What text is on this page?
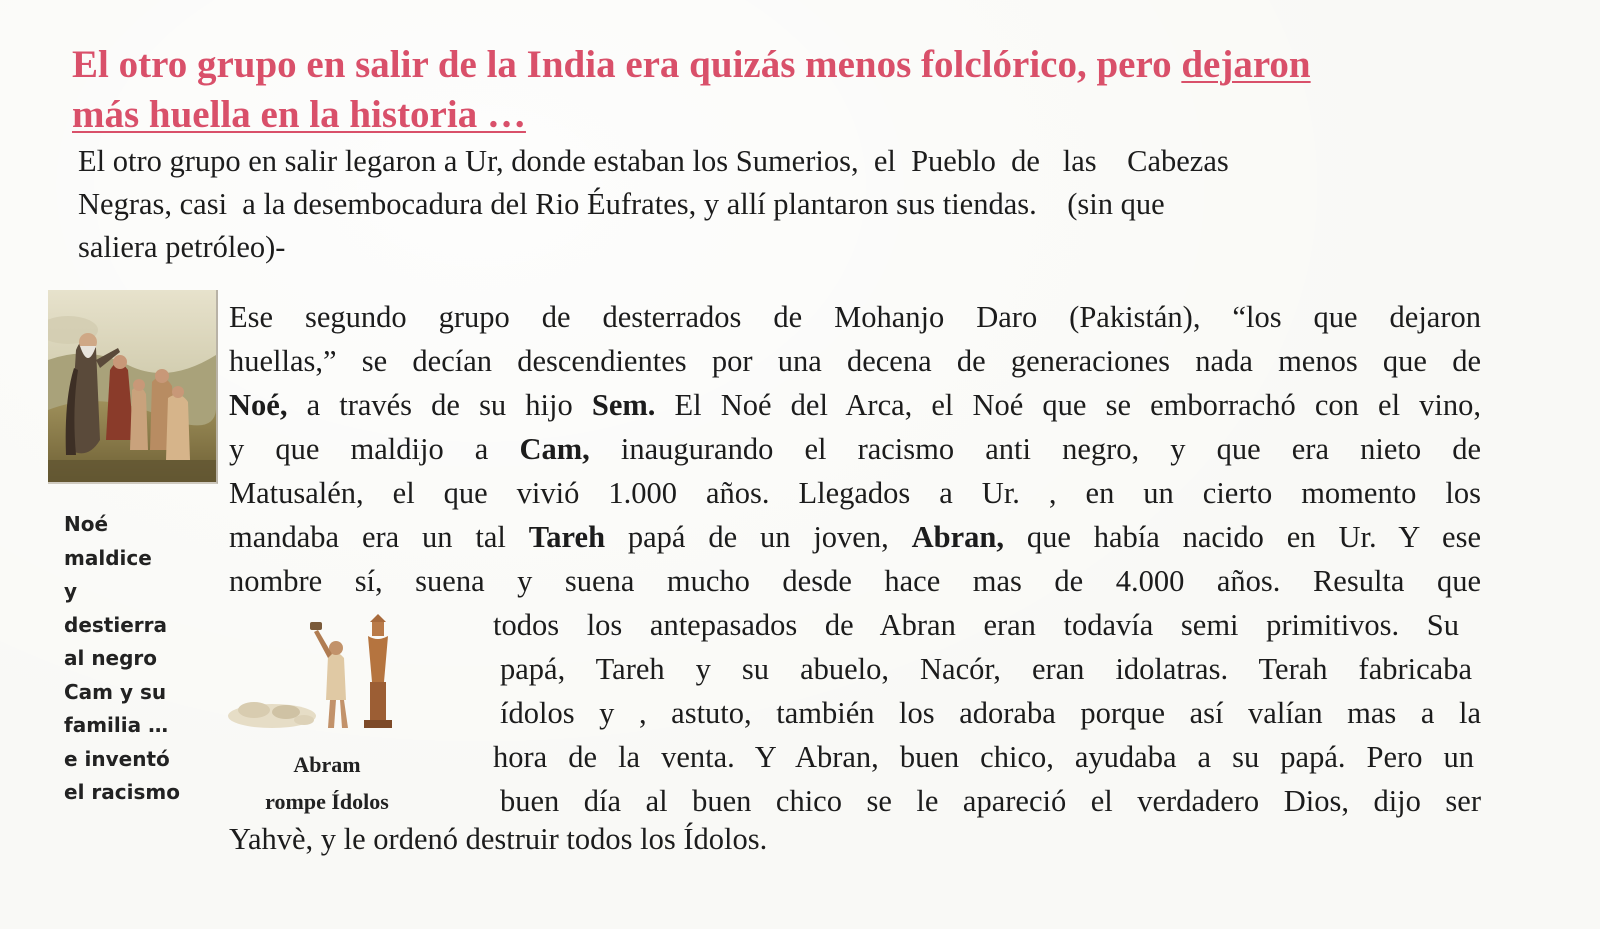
El otro grupo en salir de la India era quizás menos folclórico, pero dejaron
más huella en la historia …
El otro grupo en salir legaron a Ur, donde estaban los Sumerios,  el  Pueblo  de   las    Cabezas
Negras, casi  a la desembocadura del Rio Éufrates, y allí plantaron sus tiendas.    (sin que
saliera petróleo)-
Noé
maldice
y
destierra
al negro
Cam y su
familia …
e inventó
el racismo
Abram
rompe Ídolos
Ese segundo grupo de desterrados de Mohanjo Daro (Pakistán), “los que dejaron
huellas,” se decían descendientes por una decena de generaciones nada menos que de
Noé, a través de su hijo Sem. El Noé del Arca, el Noé que se emborrachó con el vino,
y que maldijo a Cam, inaugurando el racismo anti negro, y que era nieto de
Matusalén, el que vivió 1.000 años. Llegados a Ur. , en un cierto momento los
mandaba era un tal Tareh papá de un joven, Abran, que había nacido en Ur. Y ese
nombre sí, suena y suena mucho desde hace mas de 4.000 años. Resulta que
todos los antepasados de Abran eran todavía semi primitivos. Su
papá, Tareh y su abuelo, Nacór, eran idolatras. Terah fabricaba
ídolos y , astuto, también los adoraba porque así valían mas a la
hora de la venta. Y Abran, buen chico, ayudaba a su papá. Pero un
buen día al buen chico se le apareció el verdadero Dios, dijo ser
Yahvè, y le ordenó destruir todos los Ídolos.
